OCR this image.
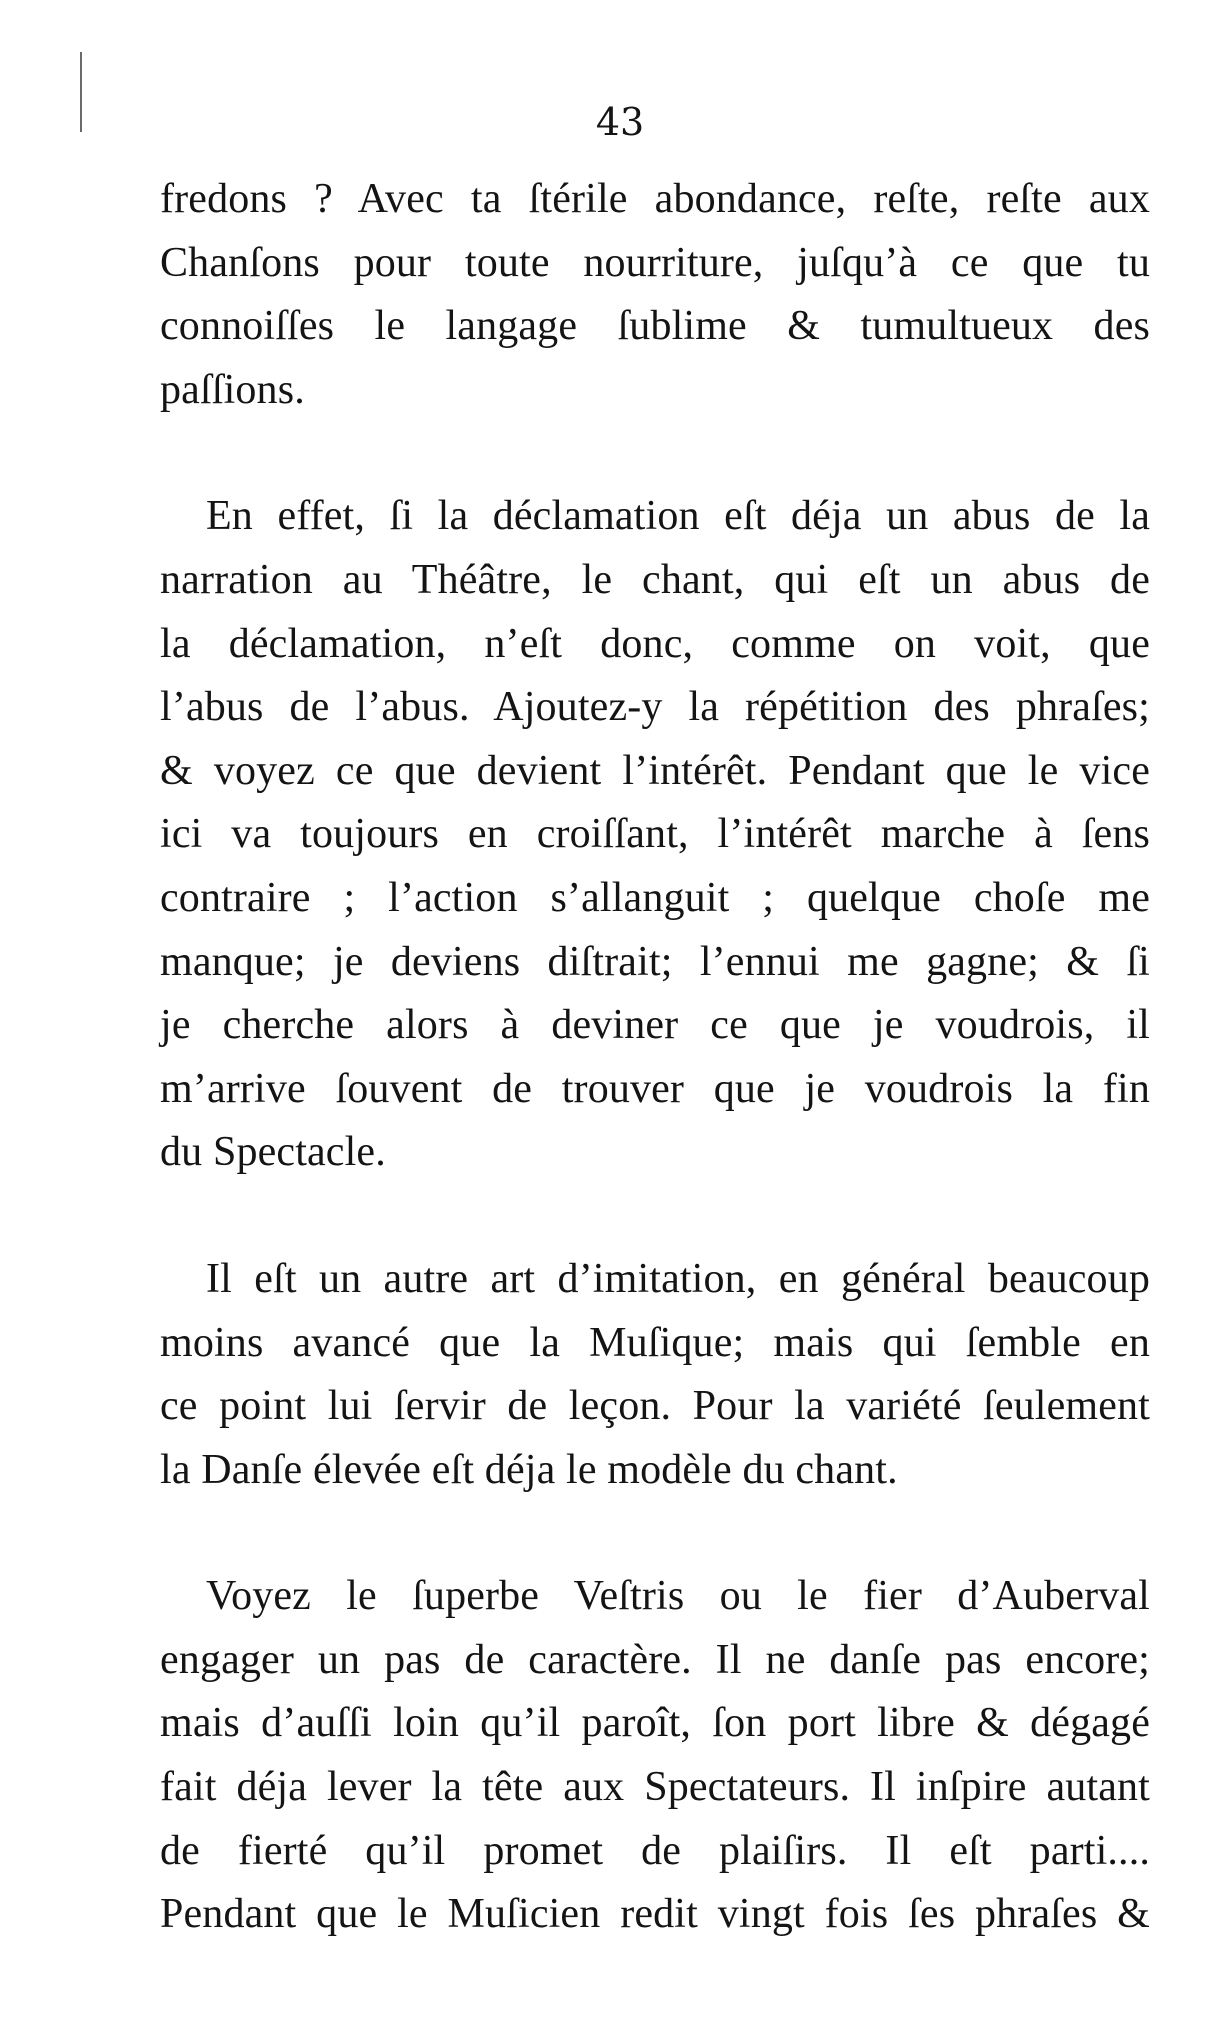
43

fredons ? Avec ta ſtérile abondance, reſte, reſte aux
Chanſons pour toute nourriture, juſqu’à ce que tu
connoiſſes le langage ſublime & tumultueux des
paſſions.

En effet, ſi la déclamation eſt déja un abus de la
narration au Théâtre, le chant, qui eſt un abus de
la déclamation, n’eſt donc, comme on voit, que
l’abus de l’abus. Ajoutez-y la répétition des phraſes;
& voyez ce que devient l’intérêt. Pendant que le vice
ici va toujours en croiſſant, l’intérêt marche à ſens
contraire ; l’action s’allanguit ; quelque choſe me
manque; je deviens diſtrait; l’ennui me gagne; & ſi
je cherche alors à deviner ce que je voudrois, il
m’arrive ſouvent de trouver que je voudrois la fin
du Spectacle.

Il eſt un autre art d’imitation, en général beaucoup
moins avancé que la Muſique; mais qui ſemble en
ce point lui ſervir de leçon. Pour la variété ſeulement
la Danſe élevée eſt déja le modèle du chant.

Voyez le ſuperbe Veſtris ou le fier d’Auberval
engager un pas de caractère. Il ne danſe pas encore;
mais d’auſſi loin qu’il paroît, ſon port libre & dégagé
fait déja lever la tête aux Spectateurs. Il inſpire autant
de fierté qu’il promet de plaiſirs. Il eſt parti....
Pendant que le Muſicien redit vingt fois ſes phraſes &
